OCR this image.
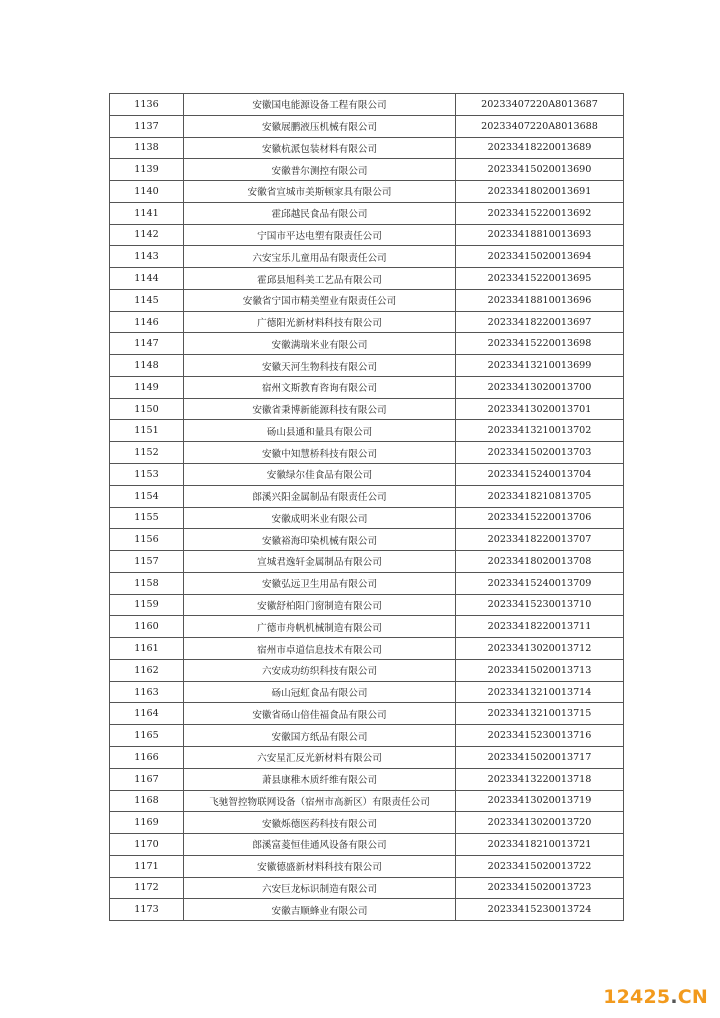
1136	安徽国电能源设备工程有限公司	20233407220A8013687
1137	安徽展鹏液压机械有限公司	20233407220A8013688
1138	安徽杭派包装材料有限公司	20233418220013689
1139	安徽普尔测控有限公司	20233415020013690
1140	安徽省宣城市美斯顿家具有限公司	20233418020013691
1141	霍邱越民食品有限公司	20233415220013692
1142	宁国市平达电塑有限责任公司	20233418810013693
1143	六安宝乐儿童用品有限责任公司	20233415020013694
1144	霍邱县旭科美工艺品有限公司	20233415220013695
1145	安徽省宁国市精美塑业有限责任公司	20233418810013696
1146	广德阳光新材料科技有限公司	20233418220013697
1147	安徽满瑞米业有限公司	20233415220013698
1148	安徽天河生物科技有限公司	20233413210013699
1149	宿州文斯教育咨询有限公司	20233413020013700
1150	安徽省秉博新能源科技有限公司	20233413020013701
1151	砀山县通和量具有限公司	20233413210013702
1152	安徽中知慧桥科技有限公司	20233415020013703
1153	安徽绿尔佳食品有限公司	20233415240013704
1154	郎溪兴阳金属制品有限责任公司	20233418210813705
1155	安徽成明米业有限公司	20233415220013706
1156	安徽裕海印染机械有限公司	20233418220013707
1157	宣城君逸轩金属制品有限公司	20233418020013708
1158	安徽弘远卫生用品有限公司	20233415240013709
1159	安徽舒柏阳门窗制造有限公司	20233415230013710
1160	广德市舟帆机械制造有限公司	20233418220013711
1161	宿州市卓道信息技术有限公司	20233413020013712
1162	六安成功纺织科技有限公司	20233415020013713
1163	砀山冠虹食品有限公司	20233413210013714
1164	安徽省砀山倍佳福食品有限公司	20233413210013715
1165	安徽国方纸品有限公司	20233415230013716
1166	六安星汇反光新材料有限公司	20233415020013717
1167	萧县康稚木质纤维有限公司	20233413220013718
1168	飞驰智控物联网设备（宿州市高新区）有限责任公司	20233413020013719
1169	安徽烁德医药科技有限公司	20233413020013720
1170	郎溪富菱恒佳通风设备有限公司	20233418210013721
1171	安徽德盛新材料科技有限公司	20233415020013722
1172	六安巨龙标识制造有限公司	20233415020013723
1173	安徽吉顺蜂业有限公司	20233415230013724
12425.CN
